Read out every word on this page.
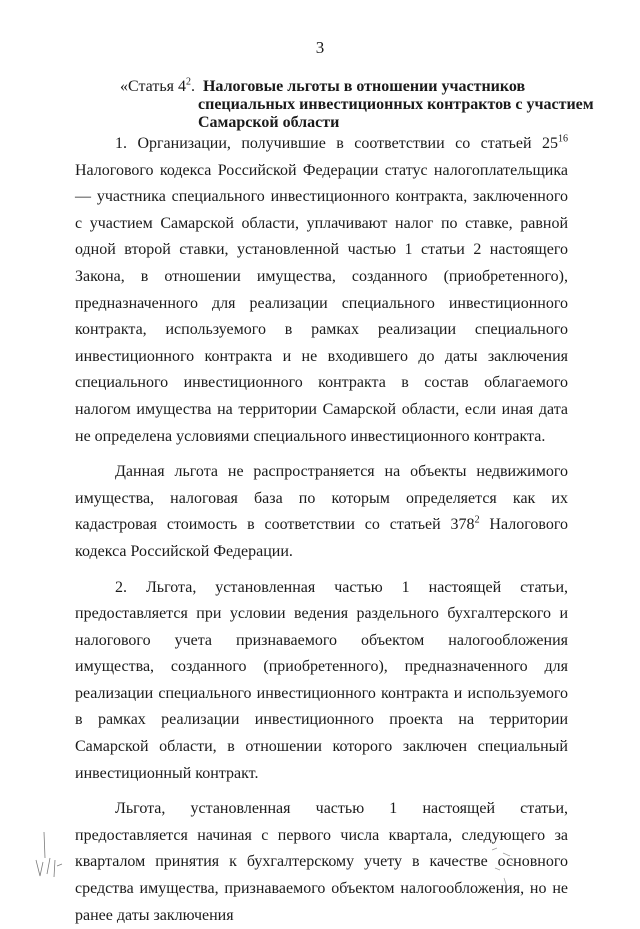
3
«Статья $4^2$. Налоговые льготы в отношении участников
специальных инвестиционных контрактов с участием
Самарской области

1. Организации, получившие в соответствии со статьей $25^{16}$ Налогового кодекса Российской Федерации статус налогоплательщика — участника специального инвестиционного контракта, заключенного с участием Самарской области, уплачивают налог по ставке, равной одной второй ставки, установленной частью 1 статьи 2 настоящего Закона, в отношении имущества, созданного (приобретенного), предназначенного для реализации специального инвестиционного контракта, используемого в рамках реализации специального инвестиционного контракта и не входившего до даты заключения специального инвестиционного контракта в состав облагаемого налогом имущества на территории Самарской области, если иная дата не определена условиями специального инвестиционного контракта.

Данная льгота не распространяется на объекты недвижимого имущества, налоговая база по которым определяется как их кадастровая стоимость в соответствии со статьей $378^2$ Налогового кодекса Российской Федерации.

2. Льгота, установленная частью 1 настоящей статьи, предоставляется при условии ведения раздельного бухгалтерского и налогового учета признаваемого объектом налогообложения имущества, созданного (приобретенного), предназначенного для реализации специального инвестиционного контракта и используемого в рамках реализации инвестиционного проекта на территории Самарской области, в отношении которого заключен специальный инвестиционный контракт.

Льгота, установленная частью 1 настоящей статьи, предоставляется начиная с первого числа квартала, следующего за кварталом принятия к бухгалтерскому учету в качестве основного средства имущества, признаваемого объектом налогообложения, но не ранее даты заключения
